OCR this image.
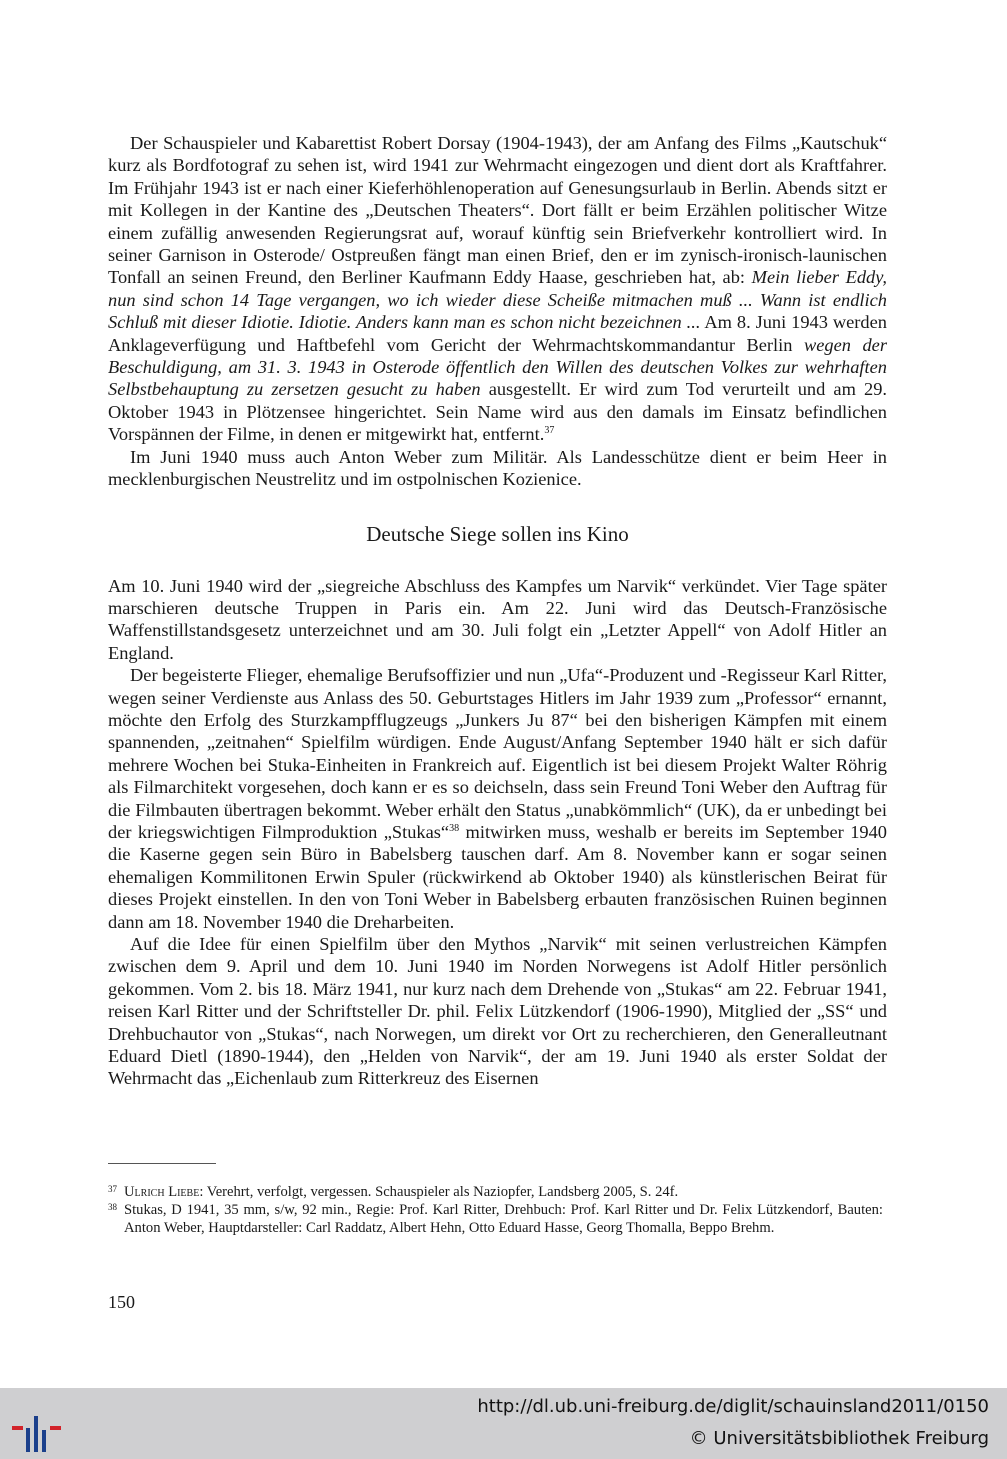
Der Schauspieler und Kabarettist Robert Dorsay (1904-1943), der am Anfang des Films „Kautschuk“ kurz als Bordfotograf zu sehen ist, wird 1941 zur Wehrmacht eingezogen und dient dort als Kraftfahrer. Im Frühjahr 1943 ist er nach einer Kieferhöhlenoperation auf Genesungsurlaub in Berlin. Abends sitzt er mit Kollegen in der Kantine des „Deutschen Theaters“. Dort fällt er beim Erzählen politischer Witze einem zufällig anwesenden Regierungsrat auf, worauf künftig sein Briefverkehr kontrolliert wird. In seiner Garnison in Osterode/ Ostpreußen fängt man einen Brief, den er im zynisch-ironisch-launischen Tonfall an seinen Freund, den Berliner Kaufmann Eddy Haase, geschrieben hat, ab: Mein lieber Eddy, nun sind schon 14 Tage vergangen, wo ich wieder diese Scheiße mitmachen muß ... Wann ist endlich Schluß mit dieser Idiotie. Idiotie. Anders kann man es schon nicht bezeichnen ... Am 8. Juni 1943 werden Anklageverfügung und Haftbefehl vom Gericht der Wehrmachtskommandantur Berlin wegen der Beschuldigung, am 31. 3. 1943 in Osterode öffentlich den Willen des deutschen Volkes zur wehrhaften Selbstbehauptung zu zersetzen gesucht zu haben ausgestellt. Er wird zum Tod verurteilt und am 29. Oktober 1943 in Plötzensee hingerichtet. Sein Name wird aus den damals im Einsatz befindlichen Vorspännen der Filme, in denen er mitgewirkt hat, entfernt.$^{37}$

Im Juni 1940 muss auch Anton Weber zum Militär. Als Landesschütze dient er beim Heer in mecklenburgischen Neustrelitz und im ostpolnischen Kozienice.

Deutsche Siege sollen ins Kino

Am 10. Juni 1940 wird der „siegreiche Abschluss des Kampfes um Narvik“ verkündet. Vier Tage später marschieren deutsche Truppen in Paris ein. Am 22. Juni wird das Deutsch-Französische Waffenstillstandsgesetz unterzeichnet und am 30. Juli folgt ein „Letzter Appell“ von Adolf Hitler an England.

Der begeisterte Flieger, ehemalige Berufsoffizier und nun „Ufa“-Produzent und -Regisseur Karl Ritter, wegen seiner Verdienste aus Anlass des 50. Geburtstages Hitlers im Jahr 1939 zum „Professor“ ernannt, möchte den Erfolg des Sturzkampfflugzeugs „Junkers Ju 87“ bei den bisherigen Kämpfen mit einem spannenden, „zeitnahen“ Spielfilm würdigen. Ende August/Anfang September 1940 hält er sich dafür mehrere Wochen bei Stuka-Einheiten in Frankreich auf. Eigentlich ist bei diesem Projekt Walter Röhrig als Filmarchitekt vorgesehen, doch kann er es so deichseln, dass sein Freund Toni Weber den Auftrag für die Filmbauten übertragen bekommt. Weber erhält den Status „unabkömmlich“ (UK), da er unbedingt bei der kriegswichtigen Filmproduktion „Stukas“$^{38}$ mitwirken muss, weshalb er bereits im September 1940 die Kaserne gegen sein Büro in Babelsberg tauschen darf. Am 8. November kann er sogar seinen ehemaligen Kommilitonen Erwin Spuler (rückwirkend ab Oktober 1940) als künstlerischen Beirat für dieses Projekt einstellen. In den von Toni Weber in Babelsberg erbauten französischen Ruinen beginnen dann am 18. November 1940 die Dreharbeiten.

Auf die Idee für einen Spielfilm über den Mythos „Narvik“ mit seinen verlustreichen Kämpfen zwischen dem 9. April und dem 10. Juni 1940 im Norden Norwegens ist Adolf Hitler persönlich gekommen. Vom 2. bis 18. März 1941, nur kurz nach dem Drehende von „Stukas“ am 22. Februar 1941, reisen Karl Ritter und der Schriftsteller Dr. phil. Felix Lützkendorf (1906-1990), Mitglied der „SS“ und Drehbuchautor von „Stukas“, nach Norwegen, um direkt vor Ort zu recherchieren, den Generalleutnant Eduard Dietl (1890-1944), den „Helden von Narvik“, der am 19. Juni 1940 als erster Soldat der Wehrmacht das „Eichenlaub zum Ritterkreuz des Eisernen

37 Ulrich Liebe: Verehrt, verfolgt, vergessen. Schauspieler als Naziopfer, Landsberg 2005, S. 24f.
38 Stukas, D 1941, 35 mm, s/w, 92 min., Regie: Prof. Karl Ritter, Drehbuch: Prof. Karl Ritter und Dr. Felix Lützkendorf, Bauten: Anton Weber, Hauptdarsteller: Carl Raddatz, Albert Hehn, Otto Eduard Hasse, Georg Thomalla, Beppo Brehm.
150
http://dl.ub.uni-freiburg.de/diglit/schauinsland2011/0150
© Universitätsbibliothek Freiburg
